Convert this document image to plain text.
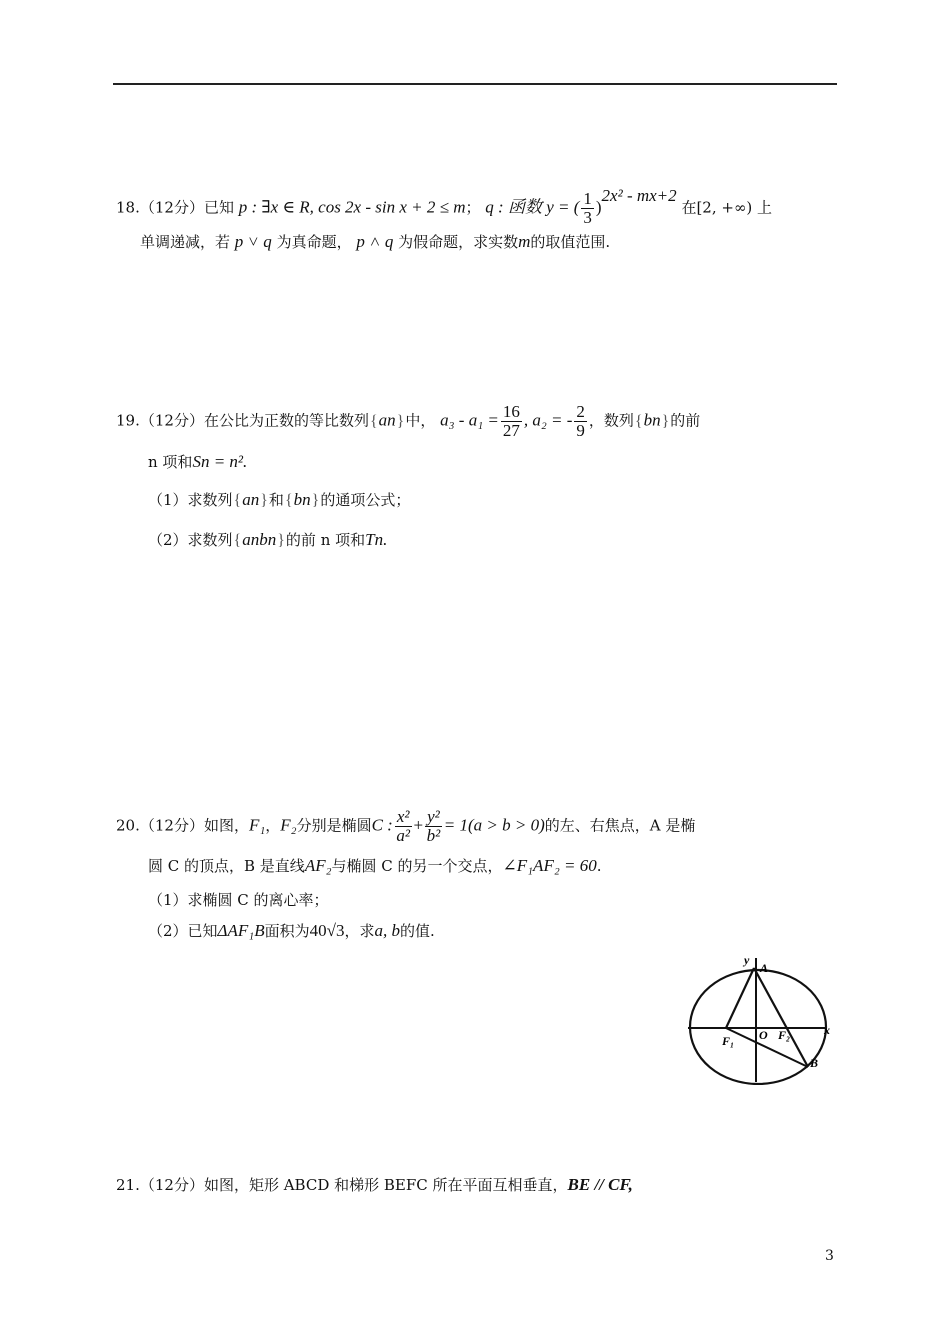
18.（12分）已知 p : ∃x ∈ R, cos 2x - sin x + 2 ≤ m； q : 函数 y = ( $\frac{1}{3} )^{2x^2 - mx+2}$ 在[2, +∞) 上
单调递减，若 p ˅ q 为真命题， p ˄ q 为假命题，求实数m的取值范围.
19.（12分）在公比为正数的等比数列{an}中， $a_3 - a_1 = \frac{16}{27}$ , a₂ = - $\frac{2}{9}$ ，数列{bn}的前
n 项和Sn = n².
（1）求数列{an}和{bn}的通项公式；
（2）求数列{anbn}的前 n 项和Tn.
20.（12分）如图，F₁，F₂分别是椭圆C : $\frac{\text{x²}}{\text{a²}} + \frac{\text{y²}}{\text{b²}} = 1(a > b > 0)$的左、右焦点，A 是椭
圆 C 的顶点，B 是直线AF₂与椭圆 C 的另一个交点，∠F₁AF₂ = 60.
（1）求椭圆 C 的离心率；
（2）已知ΔAF₁B面积为40√3，求a, b的值.
y
A
x
O
F₁	F₂
B
21.（12分）如图，矩形 ABCD 和梯形 BEFC 所在平面互相垂直，BE // CF,
3
